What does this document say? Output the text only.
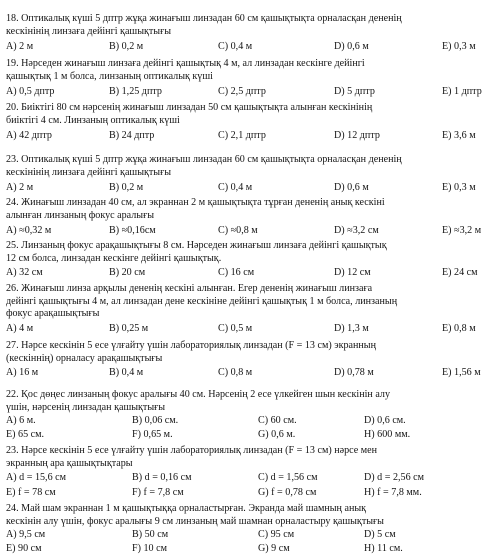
18. Оптикалық күші 5 дптр жұқа жинағыш линзадан 60 см қашықтықта орналасқан дененің
кескінінің линзаға дейінгі қашықтығы
A) 2 м	B) 0,2 м	C) 0,4 м	D) 0,6 м	E) 0,3 м
19. Нәрседен жинағыш линзаға дейінгі қашықтық 4 м, ал линзадан кескінге дейінгі
қашықтық 1 м болса, линзаның оптикалық күші
A) 0,5 дптр	B) 1,25 дптр	C) 2,5 дптр	D) 5 дптр	E) 1 дптр
20. Биіктігі 80 см нәрсенің жинағыш линзадан 50 см қашықтықта алынған кескінінің
биіктігі 4 см. Линзаның оптикалық күші
A) 42 дптр	B) 24 дптр	C) 2,1 дптр	D) 12 дптр	E) 3,6 м
23. Оптикалық күші 5 дптр жұқа жинағыш линзадан 60 см қашықтықта орналасқан дененің
кескінінің линзаға дейінгі қашықтығы
A) 2 м	B) 0,2 м	C) 0,4 м	D) 0,6 м	E) 0,3 м
24. Жинағыш линзадан 40 см, ал экраннан 2 м қашықтықта тұрған дененің анық кескіні
алынған линзаның фокус аралығы
A) ≈0,32 м	B) ≈0,16см	C) ≈0,8 м	D) ≈3,2 см	E) ≈3,2 м
25. Линзаның фокус арақашықтығы 8 см. Нәрседен жинағыш линзаға дейінгі қашықтық
12 см болса, линзадан кескінге дейінгі қашықтық.
A) 32 см	B) 20 см	C) 16 см	D) 12 см	E) 24 см
26. Жинағыш линза арқылы дененің кескіні алынған. Егер дененің жинағыш линзаға
дейінгі қашықтығы 4 м, ал линзадан дене кескініне дейінгі қашықтық 1 м болса, линзаның
фокус арақашықтығы
A) 4 м	B) 0,25 м	C) 0,5 м	D) 1,3 м	E) 0,8 м
27. Нәрсе кескінін 5 есе үлғайту үшін лабораториялық линзадан (F = 13 см) экранның
(кескіннің) орналасу арақашықтығы
A) 16 м	B) 0,4 м	C) 0,8 м	D) 0,78 м	E) 1,56 м
22. Қос дөңес линзаның фокус аралығы 40 см. Нәрсенің 2 есе үлкейген шын кескінін алу
үшін, нәрсенің линзадан қашықтығы
A) 6 м.	B) 0,06 см.	C) 60 см.	D) 0,6 см.
E) 65 см.	F) 0,65 м.	G) 0,6 м.	H) 600 мм.
23. Нәрсе кескінін 5 есе үлғайту үшін лабораториялық линзадан (F = 13 см) нәрсе мен
экранның ара қашықтықтары
A) d = 15,6 см	B) d = 0,16 см	C) d = 1,56 см	D) d = 2,56 см
E) f = 78 см	F) f = 7,8 см	G) f = 0,78 см	H) f = 7,8 мм.
24. Май шам экраннан 1 м қашықтыққа орналастырған. Экранда май шамның анық
кескінін алу үшін, фокус аралығы 9 см линзаның май шамнан орналастыру қашықтығы
A) 9,5 см	B) 50 см	C) 95 см	D) 5 см
E) 90 см	F) 10 см	G) 9 см	H) 11 см.
